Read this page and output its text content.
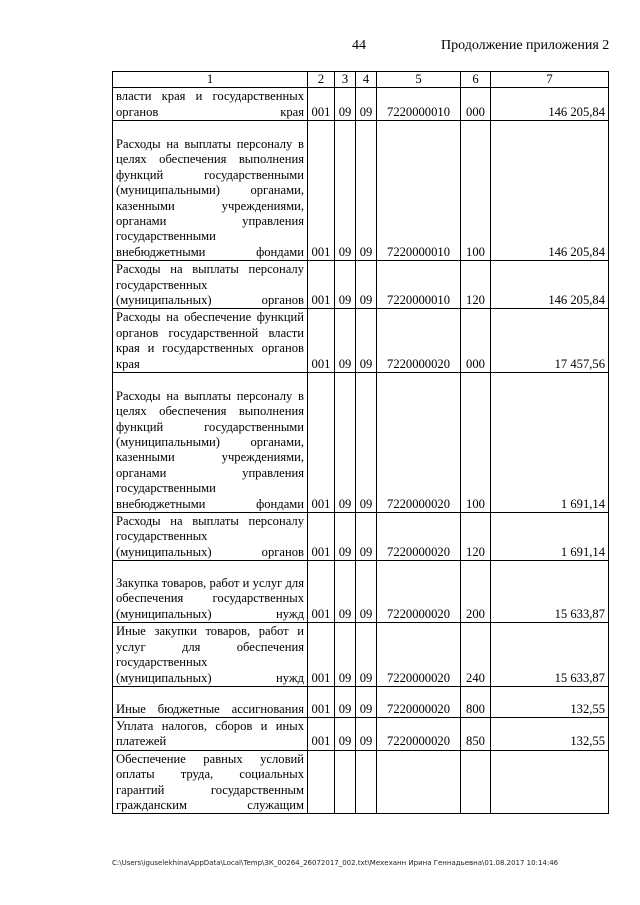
44	Продолжение приложения 2
1	2	3	4	5	6	7
власти края и государственных органов края	001	09	09	7220000010	000	146 205,84
Расходы на выплаты персоналу в целях обеспечения выполнения функций государственными (муниципальными) органами, казенными учреждениями, органами управления государственными внебюджетными фондами	001	09	09	7220000010	100	146 205,84
Расходы на выплаты персоналу государственных (муниципальных) органов	001	09	09	7220000010	120	146 205,84
Расходы на обеспечение функций органов государственной власти края и государственных органов края	001	09	09	7220000020	000	17 457,56
Расходы на выплаты персоналу в целях обеспечения выполнения функций государственными (муниципальными) органами, казенными учреждениями, органами управления государственными внебюджетными фондами	001	09	09	7220000020	100	1 691,14
Расходы на выплаты персоналу государственных (муниципальных) органов	001	09	09	7220000020	120	1 691,14
Закупка товаров, работ и услуг для обеспечения государственных (муниципальных) нужд	001	09	09	7220000020	200	15 633,87
Иные закупки товаров, работ и услуг для обеспечения государственных (муниципальных) нужд	001	09	09	7220000020	240	15 633,87
Иные бюджетные ассигнования	001	09	09	7220000020	800	132,55
Уплата налогов, сборов и иных платежей	001	09	09	7220000020	850	132,55
Обеспечение равных условий оплаты труда, социальных гарантий государственным гражданским служащим						
C:\Users\iguselekhina\AppData\Local\Temp\ЗК_00264_26072017_002.txt\Мехеханн Ирина Геннадьевна\01.08.2017 10:14:46
